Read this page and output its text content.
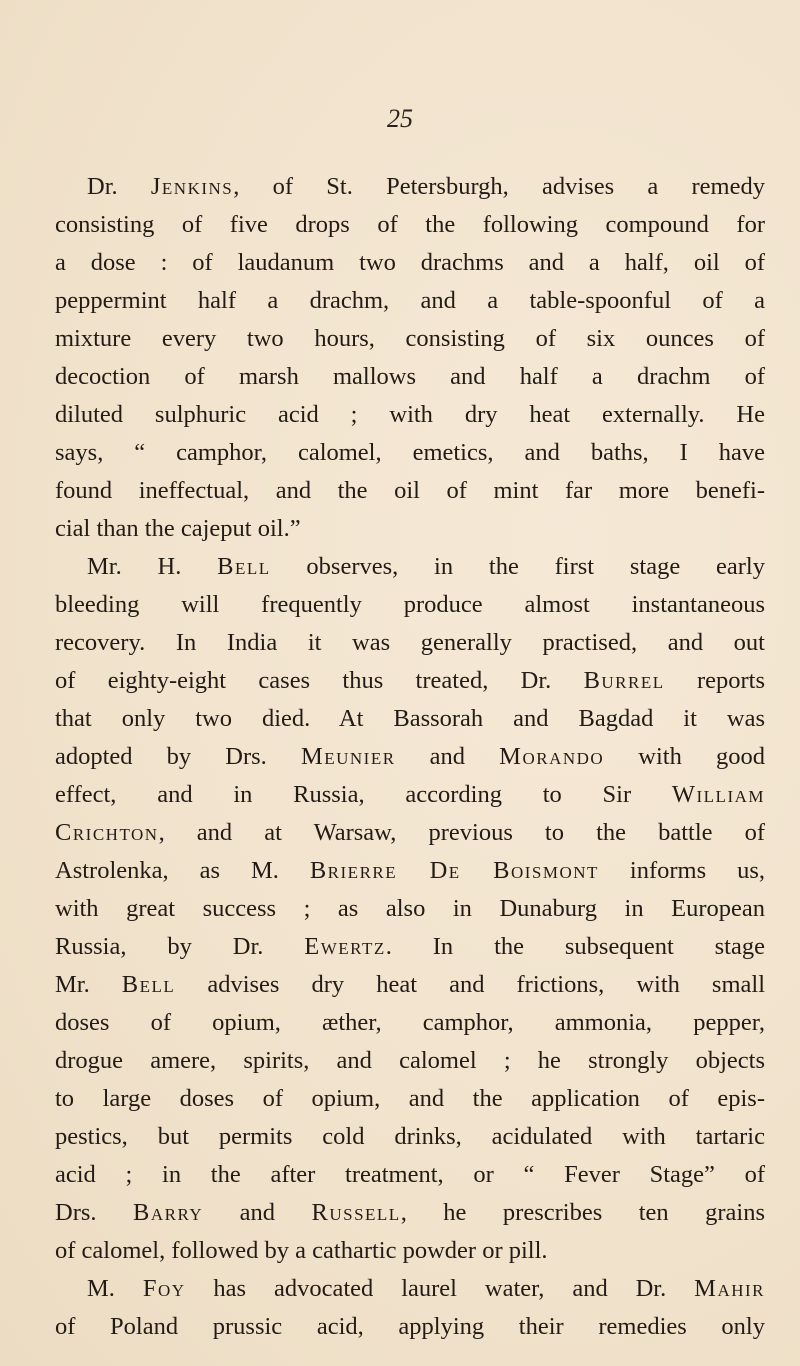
25
Dr. Jenkins, of St. Petersburgh, advises a remedy
consisting of five drops of the following compound for
a dose : of laudanum two drachms and a half, oil of
peppermint half a drachm, and a table-spoonful of a
mixture every two hours, consisting of six ounces of
decoction of marsh mallows and half a drachm of
diluted sulphuric acid ; with dry heat externally. He
says, “ camphor, calomel, emetics, and baths, I have
found ineffectual, and the oil of mint far more benefi-
cial than the cajeput oil.”
Mr. H. Bell observes, in the first stage early
bleeding will frequently produce almost instantaneous
recovery. In India it was generally practised, and out
of eighty-eight cases thus treated, Dr. Burrel reports
that only two died. At Bassorah and Bagdad it was
adopted by Drs. Meunier and Morando with good
effect, and in Russia, according to Sir William
Crichton, and at Warsaw, previous to the battle of
Astrolenka, as M. Brierre De Boismont informs us,
with great success ; as also in Dunaburg in European
Russia, by Dr. Ewertz. In the subsequent stage
Mr. Bell advises dry heat and frictions, with small
doses of opium, æther, camphor, ammonia, pepper,
drogue amere, spirits, and calomel ; he strongly objects
to large doses of opium, and the application of epis-
pestics, but permits cold drinks, acidulated with tartaric
acid ; in the after treatment, or “ Fever Stage” of
Drs. Barry and Russell, he prescribes ten grains
of calomel, followed by a cathartic powder or pill.
M. Foy has advocated laurel water, and Dr. Mahir
of Poland prussic acid, applying their remedies only
